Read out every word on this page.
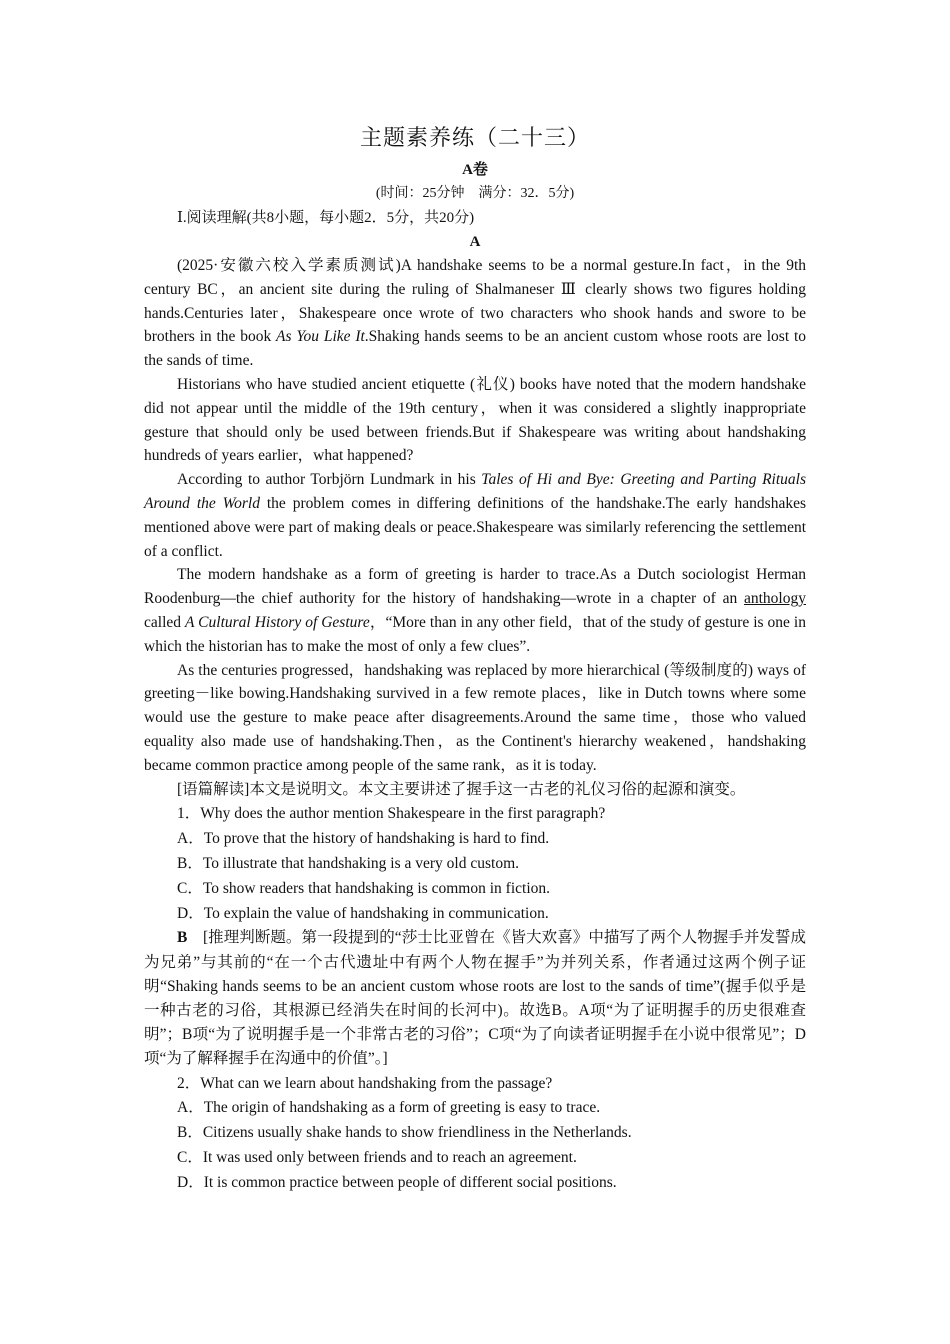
主题素养练（二十三）
A卷
(时间：25分钟　满分：32．5分)
Ⅰ.阅读理解(共8小题，每小题2．5分，共20分)
A

(2025·安徽六校入学素质测试)A handshake seems to be a normal gesture.In fact，in the 9th century BC，an ancient site during the ruling of Shalmaneser Ⅲ clearly shows two figures holding hands.Centuries later，Shakespeare once wrote of two characters who shook hands and swore to be brothers in the book As You Like It.Shaking hands seems to be an ancient custom whose roots are lost to the sands of time.

Historians who have studied ancient etiquette (礼仪) books have noted that the modern handshake did not appear until the middle of the 19th century，when it was considered a slightly inappropriate gesture that should only be used between friends.But if Shakespeare was writing about handshaking hundreds of years earlier，what happened?

According to author Torbjörn Lundmark in his Tales of Hi and Bye: Greeting and Parting Rituals Around the World the problem comes in differing definitions of the handshake.The early handshakes mentioned above were part of making deals or peace.Shakespeare was similarly referencing the settlement of a conflict.

The modern handshake as a form of greeting is harder to trace.As a Dutch sociologist Herman Roodenburg—the chief authority for the history of handshaking—wrote in a chapter of an anthology called A Cultural History of Gesture，“More than in any other field，that of the study of gesture is one in which the historian has to make the most of only a few clues”.

As the centuries progressed，handshaking was replaced by more hierarchical (等级制度的) ways of greeting－like bowing.Handshaking survived in a few remote places，like in Dutch towns where some would use the gesture to make peace after disagreements.Around the same time，those who valued equality also made use of handshaking.Then，as the Continent's hierarchy weakened，handshaking became common practice among people of the same rank，as it is today.

[语篇解读]本文是说明文。本文主要讲述了握手这一古老的礼仪习俗的起源和演变。
1．Why does the author mention Shakespeare in the first paragraph?
A．To prove that the history of handshaking is hard to find.
B．To illustrate that handshaking is a very old custom.
C．To show readers that handshaking is common in fiction.
D．To explain the value of handshaking in communication.

B　[推理判断题。第一段提到的“莎士比亚曾在《皆大欢喜》中描写了两个人物握手并发誓成为兄弟”与其前的“在一个古代遗址中有两个人物在握手”为并列关系，作者通过这两个例子证明“Shaking hands seems to be an ancient custom whose roots are lost to the sands of time”(握手似乎是一种古老的习俗，其根源已经消失在时间的长河中)。故选B。A项“为了证明握手的历史很难查明”；B项“为了说明握手是一个非常古老的习俗”；C项“为了向读者证明握手在小说中很常见”；D项“为了解释握手在沟通中的价值”。]

2．What can we learn about handshaking from the passage?
A．The origin of handshaking as a form of greeting is easy to trace.
B．Citizens usually shake hands to show friendliness in the Netherlands.
C．It was used only between friends and to reach an agreement.
D．It is common practice between people of different social positions.
